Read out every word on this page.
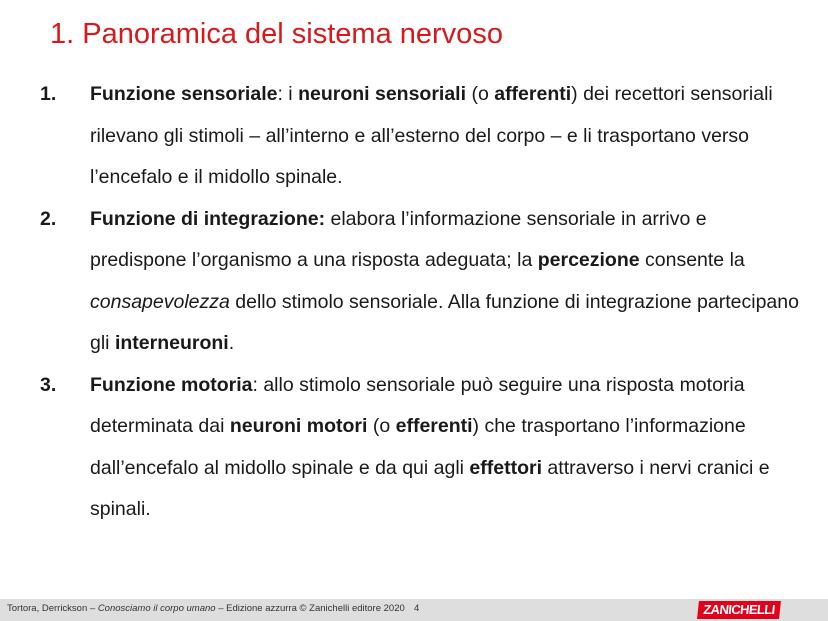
1. Panoramica del sistema nervoso
1. Funzione sensoriale: i neuroni sensoriali (o afferenti) dei recettori sensoriali rilevano gli stimoli – all’interno e all’esterno del corpo – e li trasportano verso l’encefalo e il midollo spinale.
2. Funzione di integrazione: elabora l’informazione sensoriale in arrivo e predispone l’organismo a una risposta adeguata; la percezione consente la consapevolezza dello stimolo sensoriale. Alla funzione di integrazione partecipano gli interneuroni.
3. Funzione motoria: allo stimolo sensoriale può seguire una risposta motoria determinata dai neuroni motori (o efferenti) che trasportano l’informazione dall’encefalo al midollo spinale e da qui agli effettori attraverso i nervi cranici e spinali.
Tortora, Derrickson – Conosciamo il corpo umano – Edizione azzurra © Zanichelli editore 2020 4	ZANICHELLI
